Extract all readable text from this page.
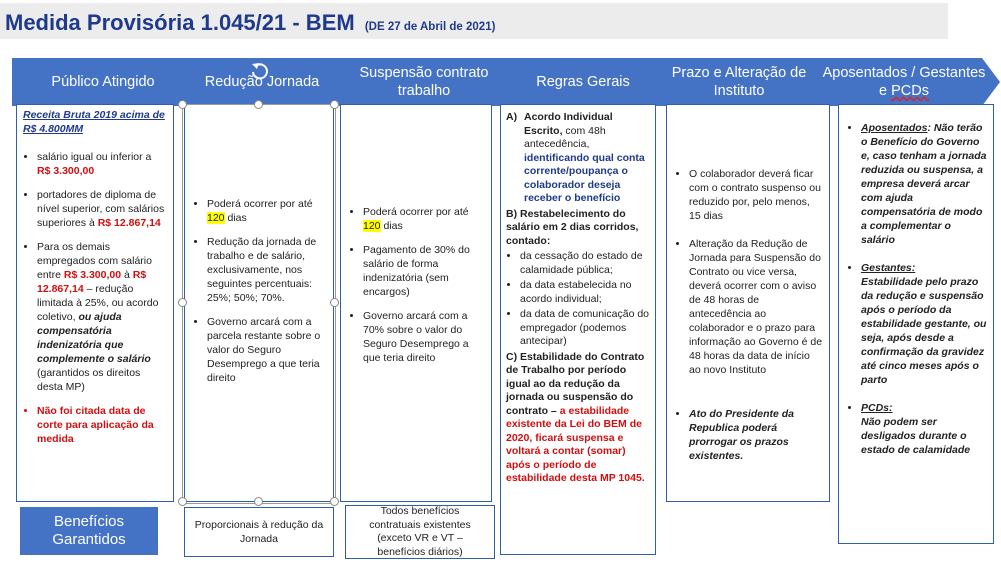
Medida Provisória 1.045/21 - BEM (DE 27 de Abril de 2021)
Público Atingido	Redução Jornada
Suspensão contrato trabalho
Regras Gerais
Prazo e Alteração de Instituto
Aposentados / Gestantes e PCDs
Receita Bruta 2019 acima de R$ 4.800MM
• salário igual ou inferior a R$ 3.300,00
• portadores de diploma de nível superior, com salários superiores à R$ 12.867,14
• Para os demais empregados com salário entre R$ 3.300,00 à R$ 12.867,14 – redução limitada à 25%, ou acordo coletivo, ou ajuda compensatória indenizatória que complemente o salário (garantidos os direitos desta MP)
• Não foi citada data de corte para aplicação da medida
• Poderá ocorrer por até 120 dias
• Redução da jornada de trabalho e de salário, exclusivamente, nos seguintes percentuais: 25%; 50%; 70%.
• Governo arcará com a parcela restante sobre o valor do Seguro Desemprego a que teria direito
• Poderá ocorrer por até 120 dias
• Pagamento de 30% do salário de forma indenizatória (sem encargos)
• Governo arcará com a 70% sobre o valor do Seguro Desemprego a que teria direito
A) Acordo Individual Escrito, com 48h antecedência, identificando qual conta corrente/poupança o colaborador deseja receber o benefício
B) Restabelecimento do salário em 2 dias corridos, contado:
• da cessação do estado de calamidade pública;
• da data estabelecida no acordo individual;
• da data de comunicação do empregador (podemos antecipar)
C) Estabilidade do Contrato de Trabalho por período igual ao da redução da jornada ou suspensão do contrato – a estabilidade existente da Lei do BEM de 2020, ficará suspensa e voltará a contar (somar) após o período de estabilidade desta MP 1045.
• O colaborador deverá ficar com o contrato suspenso ou reduzido por, pelo menos, 15 dias
• Alteração da Redução de Jornada para Suspensão do Contrato ou vice versa, deverá ocorrer com o aviso de 48 horas de antecedência ao colaborador e o prazo para informação ao Governo é de 48 horas da data de início ao novo Instituto
• Ato do Presidente da Republica poderá prorrogar os prazos existentes.
• Aposentados: Não terão o Benefício do Governo e, caso tenham a jornada reduzida ou suspensa, a empresa deverá arcar com ajuda compensatória de modo a complementar o salário
• Gestantes:
Estabilidade pelo prazo da redução e suspensão após o período da estabilidade gestante, ou seja, após desde a confirmação da gravidez até cinco meses após o parto
• PCDs:
Não podem ser desligados durante o estado de calamidade
Benefícios Garantidos
Proporcionais à redução da Jornada
Todos benefícios contratuais existentes (exceto VR e VT – benefícios diários)
